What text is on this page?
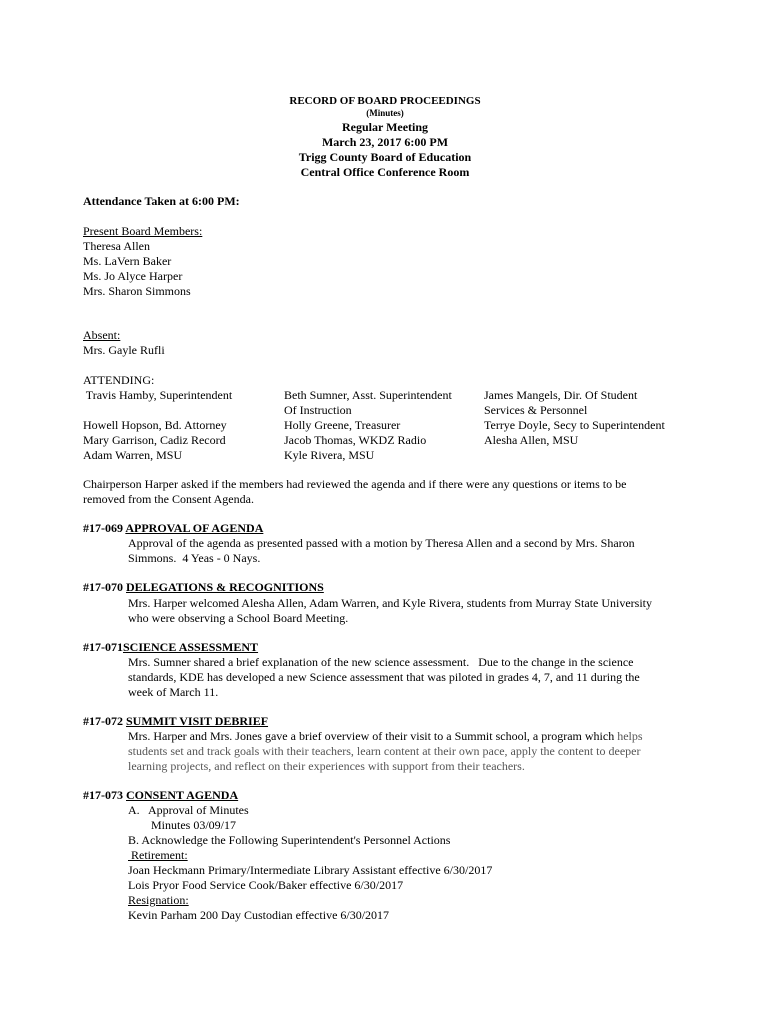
RECORD OF BOARD PROCEEDINGS
(Minutes)
Regular Meeting
March 23, 2017 6:00 PM
Trigg County Board of Education
Central Office Conference Room
Attendance Taken at 6:00 PM:
Present Board Members:
Theresa Allen
Ms. LaVern Baker
Ms. Jo Alyce Harper
Mrs. Sharon Simmons
Absent:
Mrs. Gayle Rufli
ATTENDING:
Travis Hamby, Superintendent
Howell Hopson, Bd. Attorney
Mary Garrison, Cadiz Record
Adam Warren, MSU
Beth Sumner, Asst. Superintendent
Of Instruction
Holly Greene, Treasurer
Jacob Thomas, WKDZ Radio
Kyle Rivera, MSU
James Mangels, Dir. Of Student
Services & Personnel
Terrye Doyle, Secy to Superintendent
Alesha Allen, MSU
Chairperson Harper asked if the members had reviewed the agenda and if there were any questions or items to be
removed from the Consent Agenda.
#17-069 APPROVAL OF AGENDA
Approval of the agenda as presented passed with a motion by Theresa Allen and a second by Mrs. Sharon
Simmons.  4 Yeas - 0 Nays.
#17-070 DELEGATIONS & RECOGNITIONS
Mrs. Harper welcomed Alesha Allen, Adam Warren, and Kyle Rivera, students from Murray State University
who were observing a School Board Meeting.
#17-071SCIENCE ASSESSMENT
Mrs. Sumner shared a brief explanation of the new science assessment.   Due to the change in the science
standards, KDE has developed a new Science assessment that was piloted in grades 4, 7, and 11 during the
week of March 11.
#17-072 SUMMIT VISIT DEBRIEF
Mrs. Harper and Mrs. Jones gave a brief overview of their visit to a Summit school, a program which helps
students set and track goals with their teachers, learn content at their own pace, apply the content to deeper
learning projects, and reflect on their experiences with support from their teachers.
#17-073 CONSENT AGENDA
A.   Approval of Minutes
Minutes 03/09/17
B. Acknowledge the Following Superintendent's Personnel Actions
Retirement:
Joan Heckmann Primary/Intermediate Library Assistant effective 6/30/2017
Lois Pryor Food Service Cook/Baker effective 6/30/2017
Resignation:
Kevin Parham 200 Day Custodian effective 6/30/2017
